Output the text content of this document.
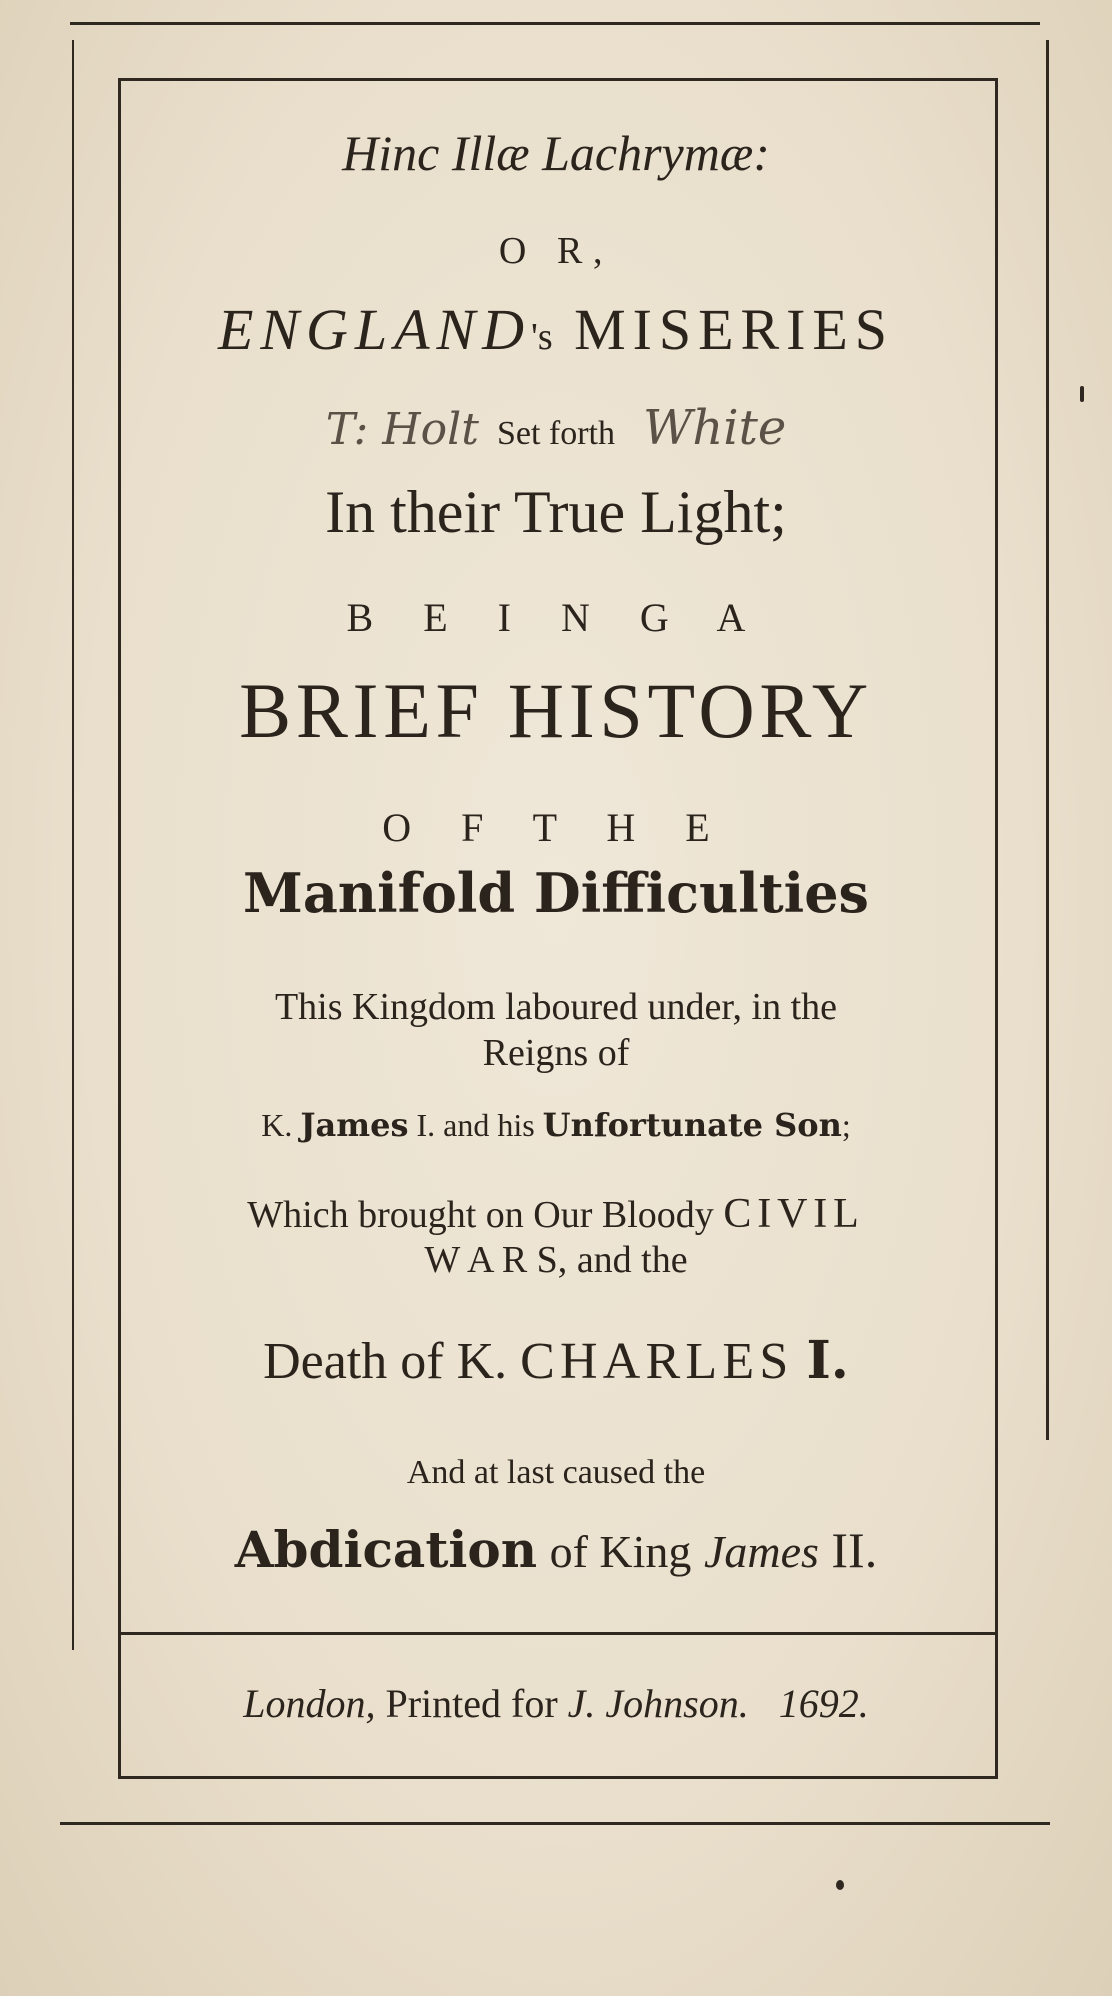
Hinc Illæ Lachrymæ:
O R,
ENGLAND 's
MISERIES
T: Holt Set forth White
In their True Light;
B E I N G A
BRIEF HISTORY
O F T H E
Manifold Difficulties
This Kingdom laboured under, in the
Reigns of
K.
James
I. and his
Unfortunate Son ;
Which brought on Our Bloody
CIVIL
W A R S,
and the
Death of K.
CHARLES
I.
And at last caused the
Abdication
of King
James
II.
London,
Printed for
J. Johnson.
1692.
